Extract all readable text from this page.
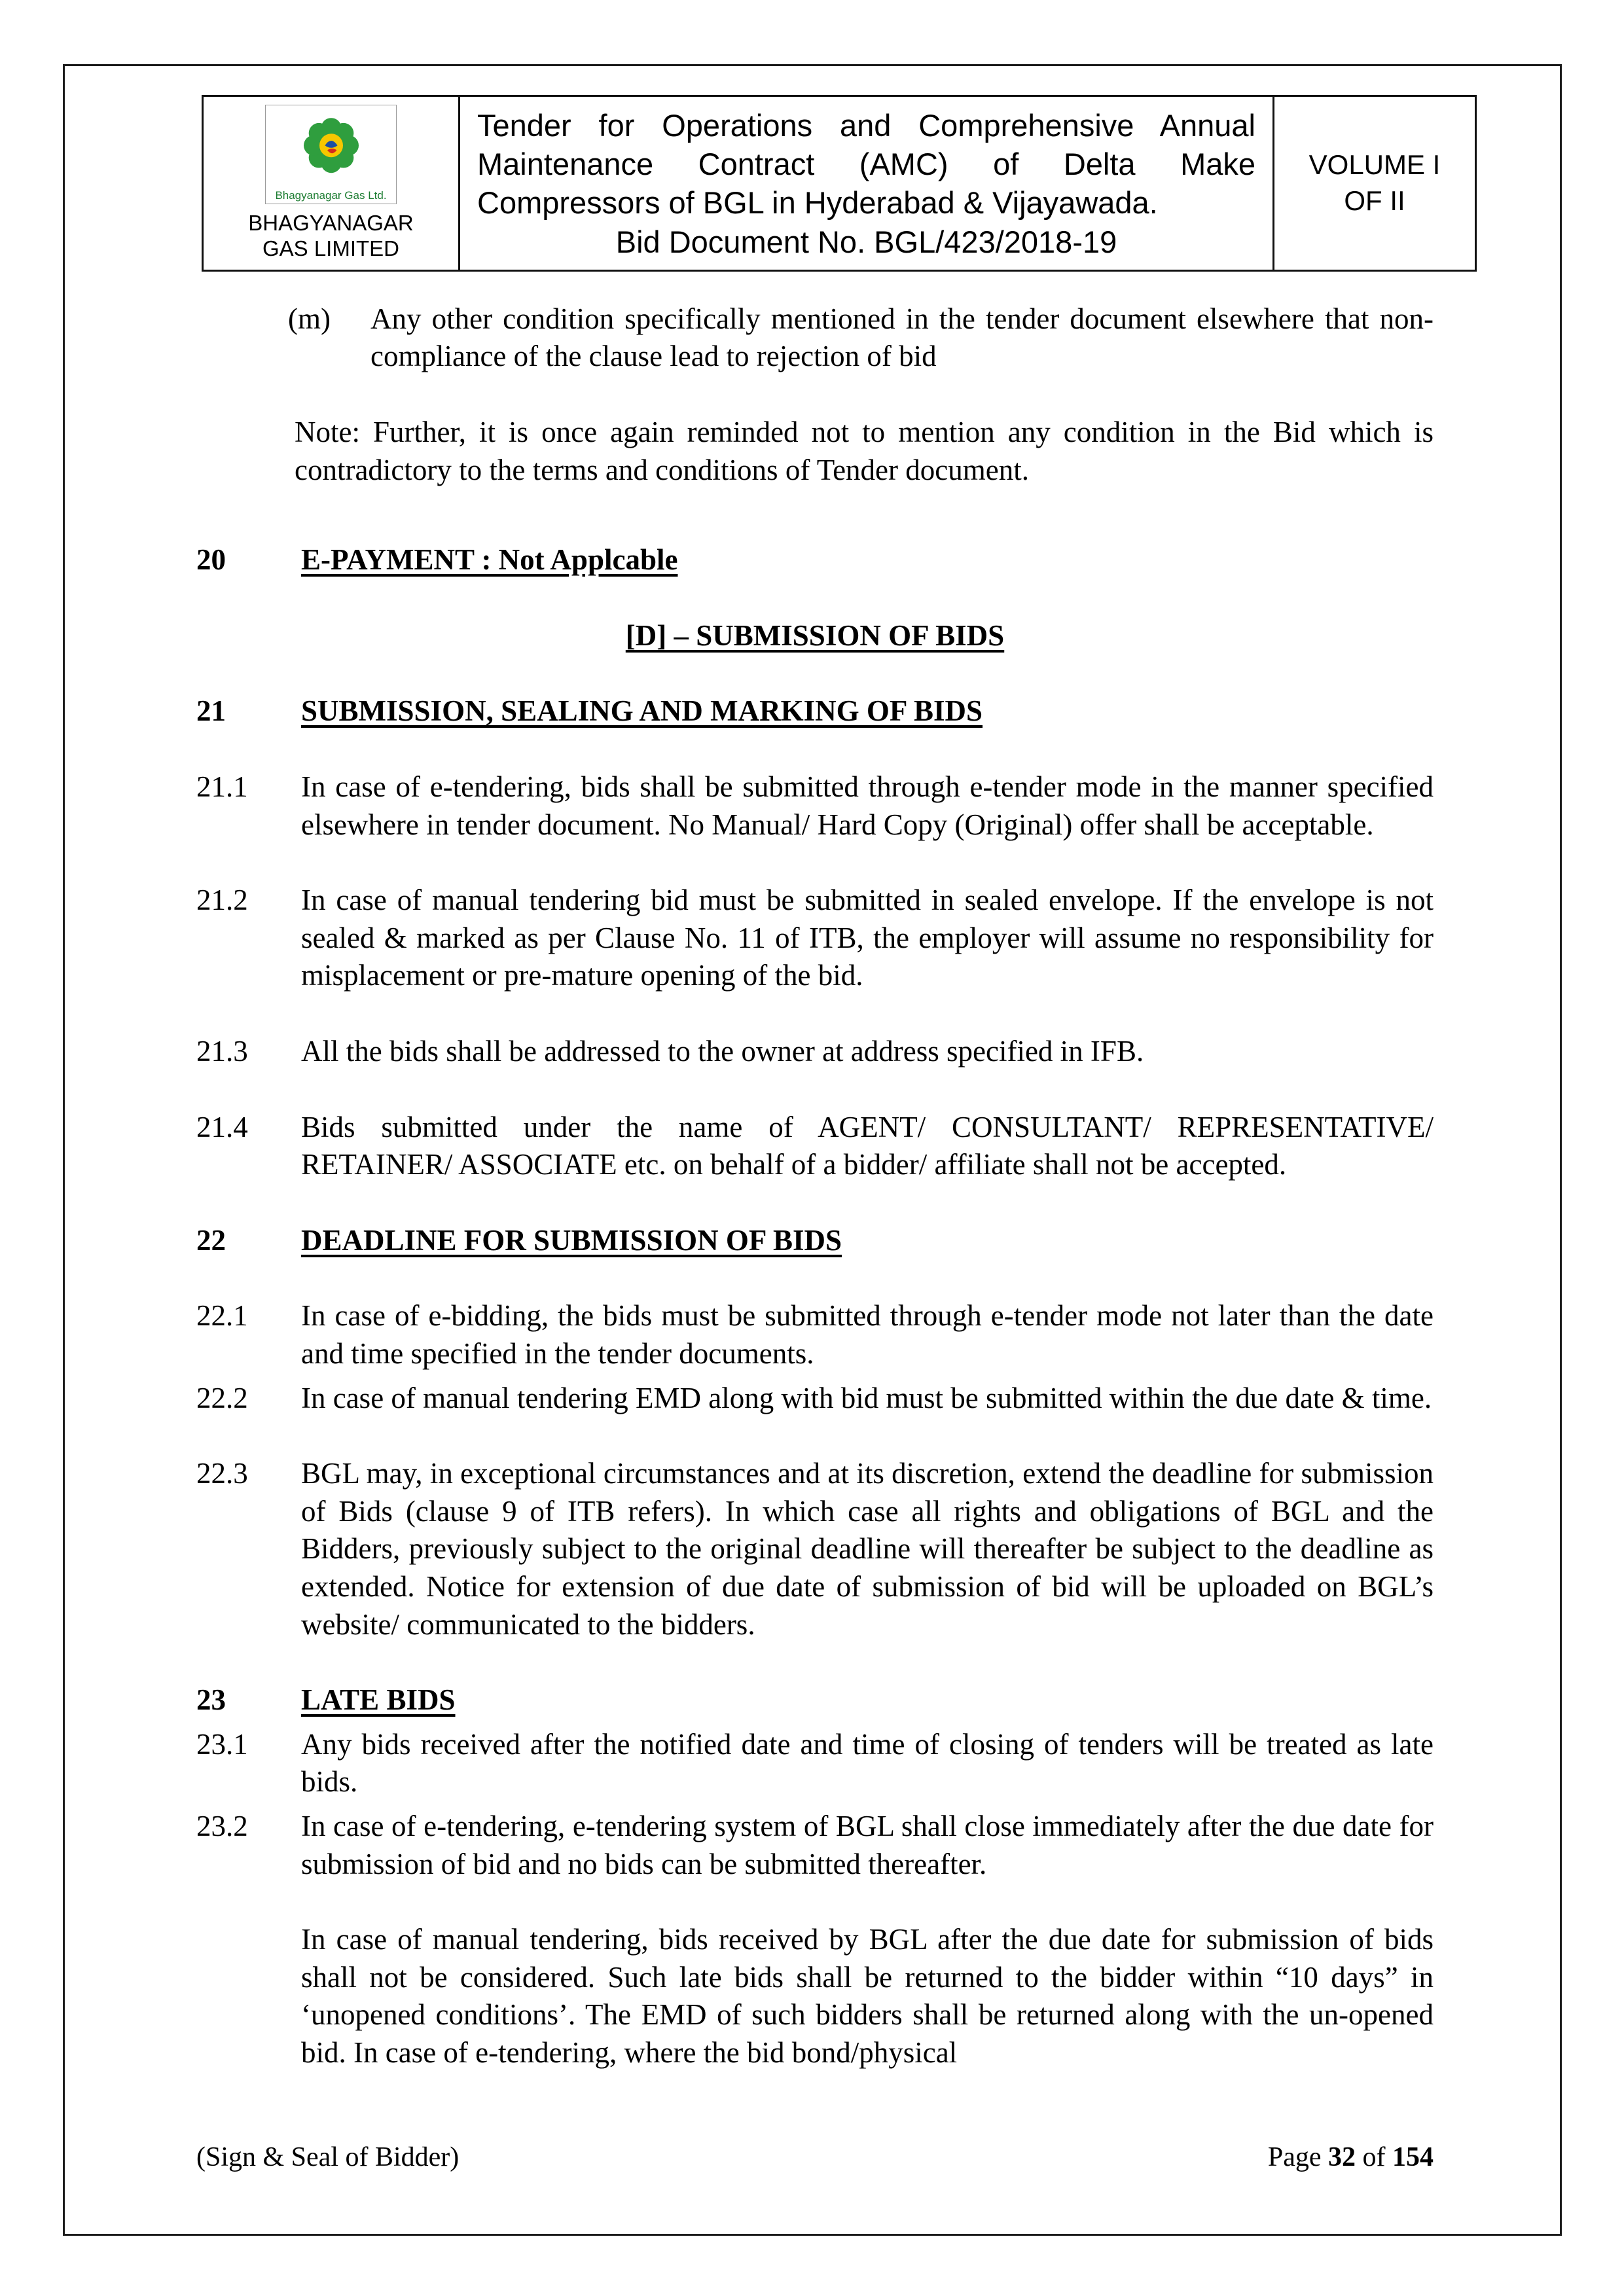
Bhagyanagar Gas Ltd.
BHAGYANAGAR GAS LIMITED
Tender for Operations and Comprehensive Annual Maintenance Contract (AMC) of Delta Make Compressors of BGL in Hyderabad & Vijayawada.
Bid Document No. BGL/423/2018-19
VOLUME I
OF II
(m)	Any other condition specifically mentioned in the tender document elsewhere that non-compliance of the clause lead to rejection of bid
Note: Further, it is once again reminded not to mention any condition in the Bid which is contradictory to the terms and conditions of Tender document.
20	E-PAYMENT : Not Applcable
[D] – SUBMISSION OF BIDS
21	SUBMISSION, SEALING AND MARKING OF BIDS
21.1	In case of e-tendering, bids shall be submitted through e-tender mode in the manner specified elsewhere in tender document. No Manual/ Hard Copy (Original) offer shall be acceptable.
21.2	In case of manual tendering bid must be submitted in sealed envelope. If the envelope is not sealed & marked as per Clause No. 11 of ITB, the employer will assume no responsibility for misplacement or pre-mature opening of the bid.
21.3	All the bids shall be addressed to the owner at address specified in IFB.
21.4	Bids submitted under the name of AGENT/ CONSULTANT/ REPRESENTATIVE/ RETAINER/ ASSOCIATE etc. on behalf of a bidder/ affiliate shall not be accepted.
22	DEADLINE FOR SUBMISSION OF BIDS
22.1	In case of e-bidding, the bids must be submitted through e-tender mode not later than the date and time specified in the tender documents.
22.2	In case of manual tendering EMD along with bid must be submitted within the due date & time.
22.3	BGL may, in exceptional circumstances and at its discretion, extend the deadline for submission of Bids (clause 9 of ITB refers). In which case all rights and obligations of BGL and the Bidders, previously subject to the original deadline will thereafter be subject to the deadline as extended. Notice for extension of due date of submission of bid will be uploaded on BGL’s website/ communicated to the bidders.
23	LATE BIDS
23.1	Any bids received after the notified date and time of closing of tenders will be treated as late bids.
23.2	In case of e-tendering, e-tendering system of BGL shall close immediately after the due date for submission of bid and no bids can be submitted thereafter.
In case of manual tendering, bids received by BGL after the due date for submission of bids shall not be considered. Such late bids shall be returned to the bidder within “10 days” in ‘unopened conditions’. The EMD of such bidders shall be returned along with the un-opened bid. In case of e-tendering, where the bid bond/physical
(Sign & Seal of Bidder)	Page 32 of 154
